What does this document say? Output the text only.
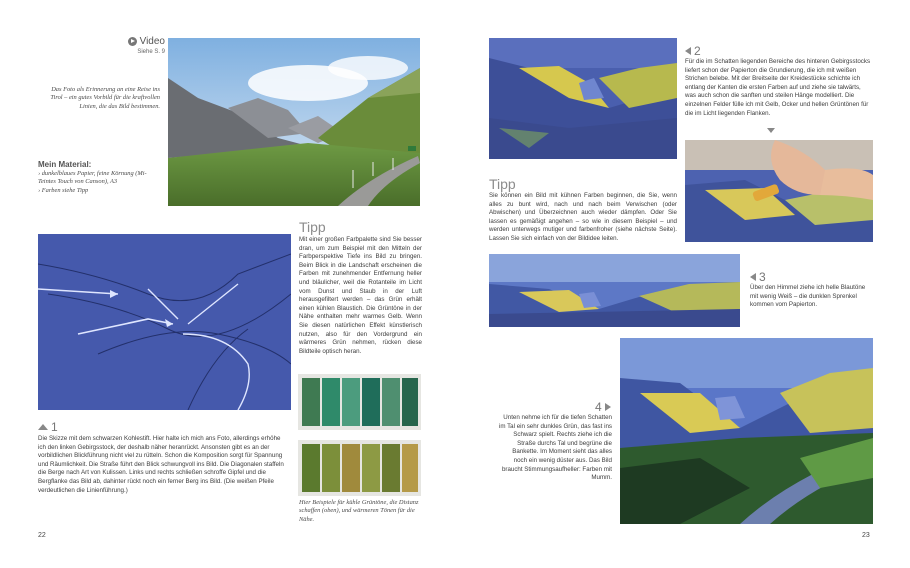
Video
Siehe S. 9
Das Foto als Erinnerung an eine Reise ins Tirol – ein gutes Vorbild für die kraftvollen Linien, die das Bild bestimmen.
Mein Material:
› dunkelblaues Papier, feine Körnung (Mi-Teintes Touch von Canson), A3
› Farben siehe Tipp
Tipp
Mit einer großen Farbpalette sind Sie besser dran, um zum Beispiel mit den Mitteln der Farbperspektive Tiefe ins Bild zu bringen. Beim Blick in die Landschaft erscheinen die Farben mit zunehmender Entfernung heller und bläulicher, weil die Rotanteile im Licht vom Dunst und Staub in der Luft herausgefiltert werden – das Grün erhält einen kühlen Blaustich. Die Grüntöne in der Nähe enthalten mehr warmes Gelb. Wenn Sie diesen natürlichen Effekt künstlerisch nutzen, also für den Vordergrund ein wärmeres Grün nehmen, rücken diese Bildteile optisch heran.
Hier Beispiele für kühle Grüntöne, die Distanz schaffen (oben), und wärmeren Tönen für die Nähe.
1
Die Skizze mit dem schwarzen Kohlestift. Hier halte ich mich ans Foto, allerdings erhöhe ich den linken Gebirgsstock, der deshalb näher heranrückt. Ansonsten gibt es an der vorbildlichen Blickführung nicht viel zu rütteln. Schon die Komposition sorgt für Spannung und Räumlichkeit. Die Straße führt den Blick schwungvoll ins Bild. Die Diagonalen staffeln die Berge nach Art von Kulissen. Links und rechts schließen schroffe Gipfel und die Bergflanke das Bild ab, dahinter rückt noch ein ferner Berg ins Bild. (Die weißen Pfeile verdeutlichen die Linienführung.)
22
2
Für die im Schatten liegenden Bereiche des hinteren Gebirgsstocks liefert schon der Papierton die Grundierung, die ich mit weißen Strichen belebe. Mit der Breitseite der Kreidestücke schichte ich entlang der Kanten die ersten Farben auf und ziehe sie talwärts, was auch schon die sanften und steilen Hänge modelliert. Die einzelnen Felder fülle ich mit Gelb, Ocker und hellen Grüntönen für die im Licht liegenden Flanken.
Tipp
Sie können ein Bild mit kühnen Farben beginnen, die Sie, wenn alles zu bunt wird, nach und nach beim Verwischen (oder Abwischen) und Überzeichnen auch wieder dämpfen. Oder Sie lassen es gemäßigt angehen – so wie in diesem Beispiel – und werden unterwegs mutiger und farbenfroher (siehe nächste Seite). Lassen Sie sich einfach von der Bildidee leiten.
3
Über den Himmel ziehe ich helle Blautöne mit wenig Weiß – die dunklen Sprenkel kommen vom Papierton.
4
Unten nehme ich für die tiefen Schatten im Tal ein sehr dunkles Grün, das fast ins Schwarz spielt. Rechts ziehe ich die Straße durchs Tal und begrüne die Bankette. Im Moment sieht das alles noch ein wenig düster aus. Das Bild braucht Stimmungsaufheller: Farben mit Mumm.
23
